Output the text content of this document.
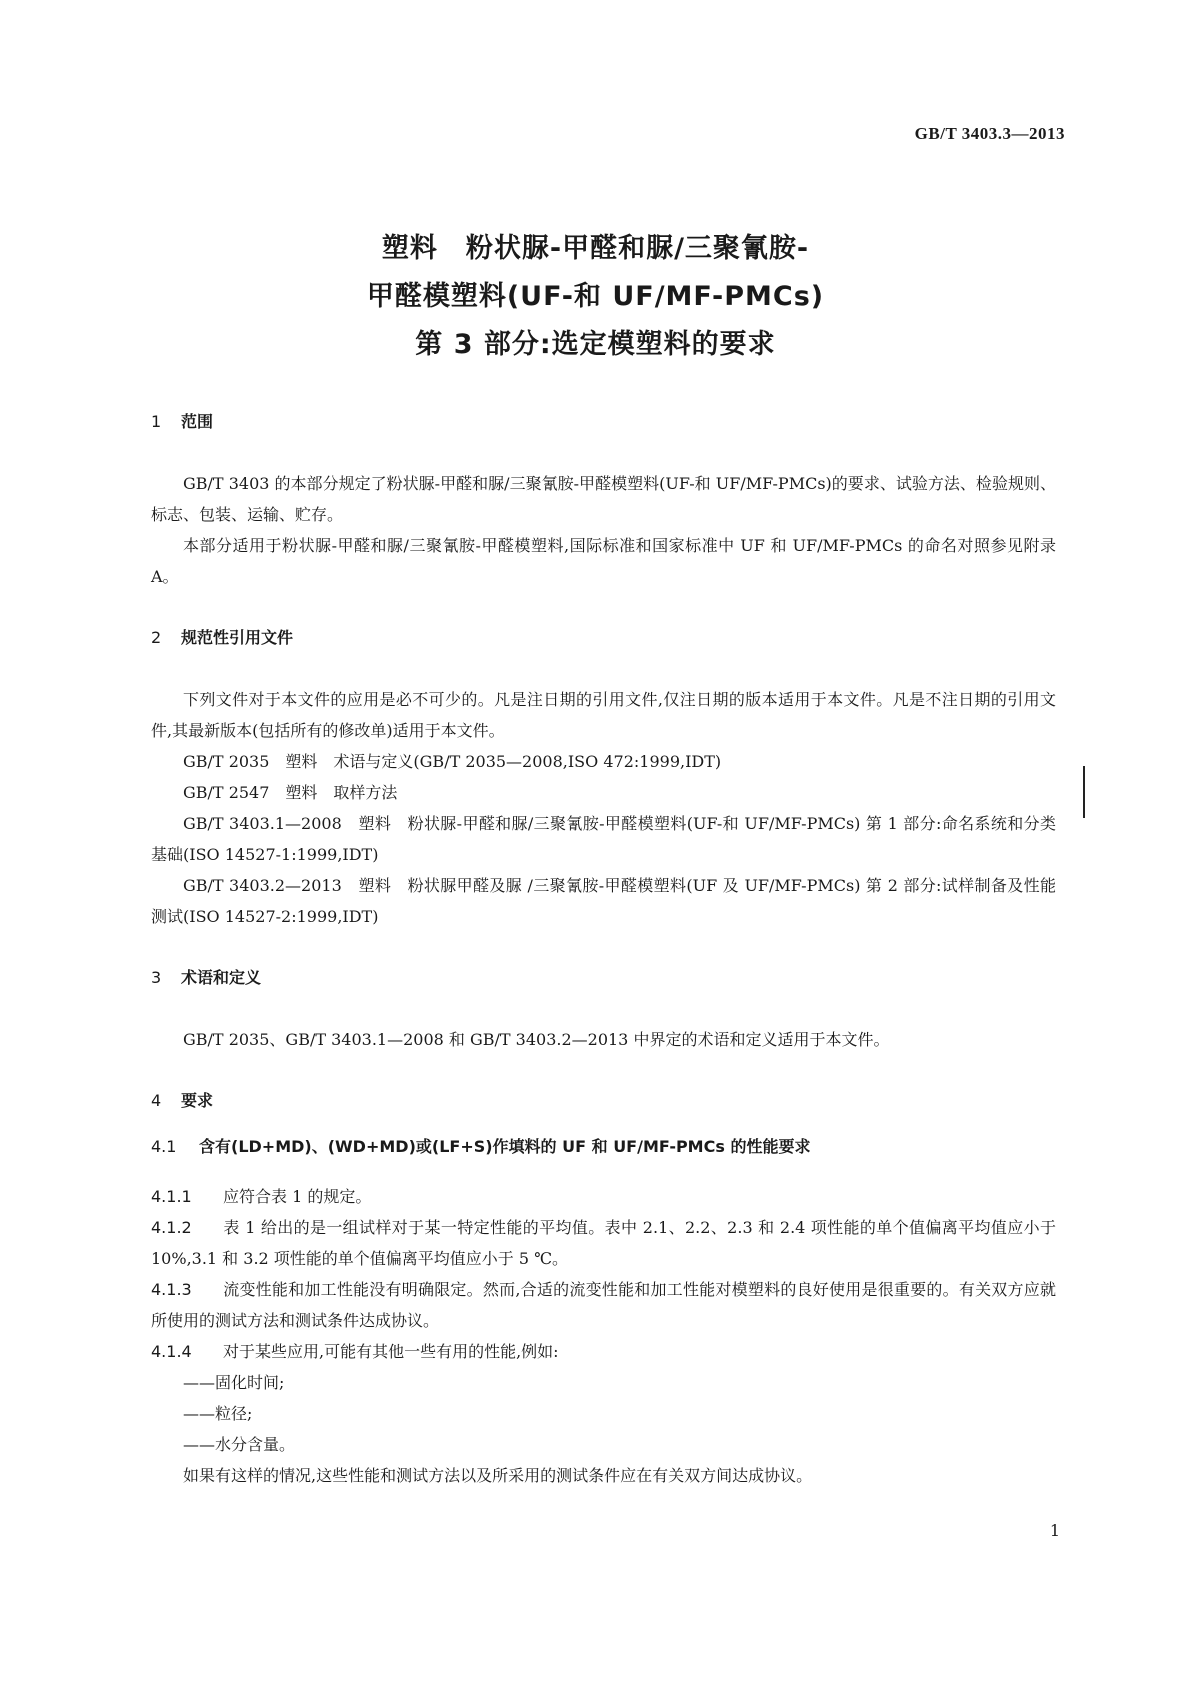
GB/T 3403.3—2013
塑料　粉状脲-甲醛和脲/三聚氰胺-
甲醛模塑料(UF-和 UF/MF-PMCs)
第 3 部分:选定模塑料的要求
1 范围

GB/T 3403 的本部分规定了粉状脲-甲醛和脲/三聚氰胺-甲醛模塑料(UF-和 UF/MF-PMCs)的要求、试验方法、检验规则、标志、包装、运输、贮存。

本部分适用于粉状脲-甲醛和脲/三聚氰胺-甲醛模塑料,国际标准和国家标准中 UF 和 UF/MF-PMCs 的命名对照参见附录 A。

2 规范性引用文件

下列文件对于本文件的应用是必不可少的。凡是注日期的引用文件,仅注日期的版本适用于本文件。凡是不注日期的引用文件,其最新版本(包括所有的修改单)适用于本文件。

GB/T 2035　塑料　术语与定义(GB/T 2035—2008,ISO 472:1999,IDT)

GB/T 2547　塑料　取样方法

GB/T 3403.1—2008　塑料　粉状脲-甲醛和脲/三聚氰胺-甲醛模塑料(UF-和 UF/MF-PMCs) 第 1 部分:命名系统和分类基础(ISO 14527-1:1999,IDT)

GB/T 3403.2—2013　塑料　粉状脲甲醛及脲 /三聚氰胺-甲醛模塑料(UF 及 UF/MF-PMCs) 第 2 部分:试样制备及性能测试(ISO 14527-2:1999,IDT)

3 术语和定义

GB/T 2035、GB/T 3403.1—2008 和 GB/T 3403.2—2013 中界定的术语和定义适用于本文件。

4 要求
4.1 含有(LD+MD)、(WD+MD)或(LF+S)作填料的 UF 和 UF/MF-PMCs 的性能要求

4.1.1 应符合表 1 的规定。

4.1.2 表 1 给出的是一组试样对于某一特定性能的平均值。表中 2.1、2.2、2.3 和 2.4 项性能的单个值偏离平均值应小于 10%,3.1 和 3.2 项性能的单个值偏离平均值应小于 5 ℃。

4.1.3 流变性能和加工性能没有明确限定。然而,合适的流变性能和加工性能对模塑料的良好使用是很重要的。有关双方应就所使用的测试方法和测试条件达成协议。

4.1.4 对于某些应用,可能有其他一些有用的性能,例如:

——固化时间;

——粒径;

——水分含量。

如果有这样的情况,这些性能和测试方法以及所采用的测试条件应在有关双方间达成协议。

1
